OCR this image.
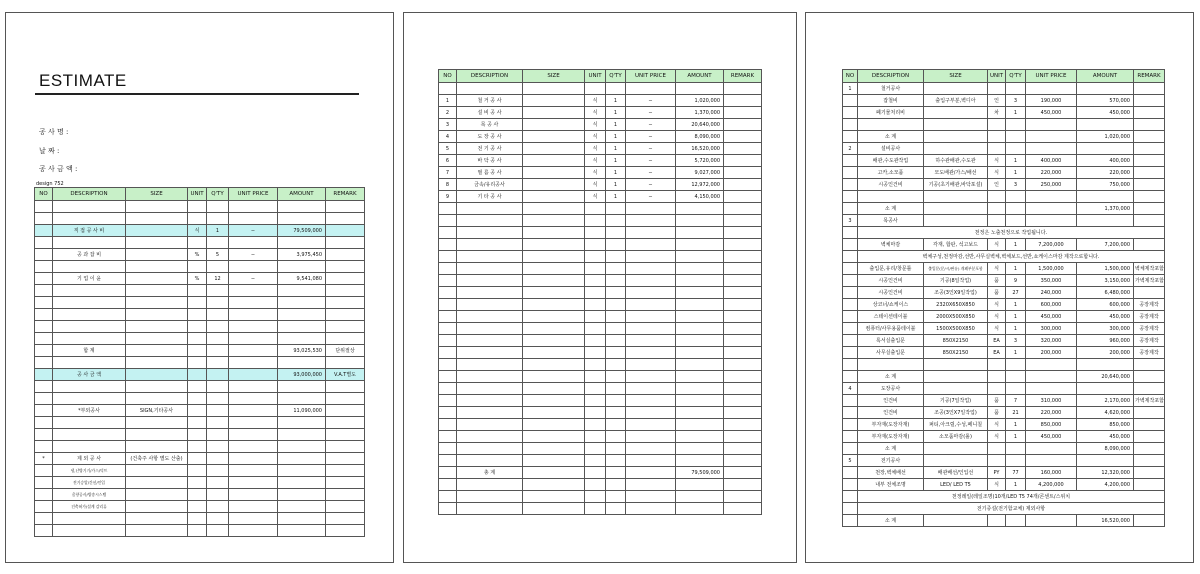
ESTIMATE
공 사 명 :
날 짜 :
공 사 금 액 :
design 752
NO	DESCRIPTION	SIZE	UNIT	Q'TY	UNIT PRICE	AMOUNT	REMARK

	직 접 공 사 비		식	1	−	79,509,000	

	공 과 잡 비		%	5	−	3,975,450	

	기 업 이 윤		%	12	−	9,541,080	

	합 계					93,025,530	단위절상

	공 사 금 액					93,000,000	V.A.T별도

	*부외공사	SIGN,기타공사				11,090,000	

*	제 외 공 사	(건축주 사항 별도 산출)					
	냉,난방기기/가스/덕트						
	전기승압/간선/인입						
	음향공사/방송시스템						
	건축허가/설계 감리류						

NO	DESCRIPTION	SIZE	UNIT	Q'TY	UNIT PRICE	AMOUNT	REMARK

1	철 거 공 사		식	1	−	1,020,000	
2	설 비 공 사		식	1	−	1,370,000	
3	목 공 사		식	1	−	20,640,000	
4	도 장 공 사		식	1	−	8,090,000	
5	전 기 공 사		식	1	−	16,520,000	
6	바 닥 공 사		식	1	−	5,720,000	
7	필 름 공 사		식	1	−	9,027,000	
8	금속/유리공사		식	1	−	12,972,000	
9	기 타 공 사		식	1	−	4,150,000	

	총 계					79,509,000	

NO	DESCRIPTION	SIZE	UNIT	Q'TY	UNIT PRICE	AMOUNT	REMARK
1	철거공사						
	잡철비	출입구부분,벽디아	인	3	190,000	570,000	
	폐기물처리비		차	1	450,000	450,000	

	소 계					1,020,000	
2	설비공사						
	배관,수도관작업	하수관배관,수도관	식	1	400,000	400,000	
	고카,소모품	모도배관/가스/배선	식	1	220,000	220,000	
	시공인건비	기공(초기배관,바닥포설)	인	3	250,000	750,000	

	소 계					1,370,000	
3	목공사						
	천정은 노출천정으로 작업됩니다.						
	벽체마감	각재, 합판, 석고보드	식	1	7,200,000	7,200,000	
	벽체구성,천정마감,선반,사무실벽체,벽체보드,선반,쇼케이스마감 제작으로합니다.						
	출입문,유리/창문틀	출입문(문/시/판유) 개폐부분포함	식	1	1,500,000	1,500,000	벽체제작포함
	시공인건비	기공(8일작업)	품	9	350,000	3,150,000	가벽제작포함
	시공인건비	조공(3인X9일작업)	품	27	240,000	6,480,000	
	상코너/쇼케이스	2320X650X850	식	1	600,000	600,000	공장제작
	스테이션테이블	2000X500X850	식	1	450,000	450,000	공장제작
	컴퓨터/사무용품테이블	1500X500X850	식	1	300,000	300,000	공장제작
	록서실출입문	850X2150	EA	3	320,000	960,000	공장제작
	사무실출입문	850X2150	EA	1	200,000	200,000	공장제작

	소 계					20,640,000	
4	도장공사						
	인건비	기공(7일작업)	품	7	310,000	2,170,000	가벽제작포함
	인건비	조공(3인X7일작업)	품	21	220,000	4,620,000	
	부자재(도장자재)	퍼티,아크릴,수성,페니칠	식	1	850,000	850,000	
	부자재(도장자재)	소모품마감(롤)	식	1	450,000	450,000	
	소 계					8,090,000	
5	전기공사						
	천장,벽체배선	배관배선/인입선	PY	77	160,000	12,320,000	
	내부 전체조명	LED/ LED T5	식	1	4,200,000	4,200,000	
	천정레일(레일조명)10개/LED T5 74개/콘센트/스위치						
	전기증설(전기함교체) 제외사항						
	소 계					16,520,000	
